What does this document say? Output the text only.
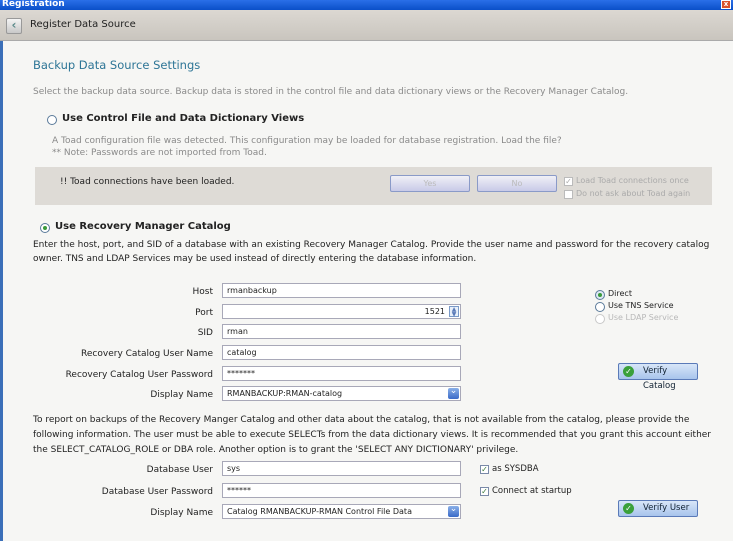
Registration	x
‹	Register Data Source
Backup Data Source Settings
Select the backup data source. Backup data is stored in the control file and data dictionary views or the Recovery Manager Catalog.
Use Control File and Data Dictionary Views
A Toad configuration file was detected. This configuration may be loaded for database registration. Load the file?
** Note: Passwords are not imported from Toad.
!! Toad connections have been loaded.	Yes	No	✓ Load Toad connections once
Do not ask about Toad again
Use Recovery Manager Catalog
Enter the host, port, and SID of a database with an existing Recovery Manager Catalog. Provide the user name and password for the recovery catalog owner. TNS and LDAP Services may be used instead of directly entering the database information.
Host	rmanbackup
Port	1521	▲
▼
SID	rman
Recovery Catalog User Name	catalog
Recovery Catalog User Password	*******
Display Name	RMANBACKUP:RMAN-catalog ⌄
Direct
Use TNS Service
Use LDAP Service
✓ Verify Catalog
To report on backups of the Recovery Manger Catalog and other data about the catalog, that is not available from the catalog, please provide the following information. The user must be able to execute SELECTs from the data dictionary views. It is recommended that you grant this account either the SELECT_CATALOG_ROLE or DBA role. Another option is to grant the 'SELECT ANY DICTIONARY' privilege.
Database User	sys
Database User Password	******
Display Name	Catalog RMANBACKUP-RMAN Control File Data ⌄
✓ as SYSDBA
✓ Connect at startup
✓ Verify User
